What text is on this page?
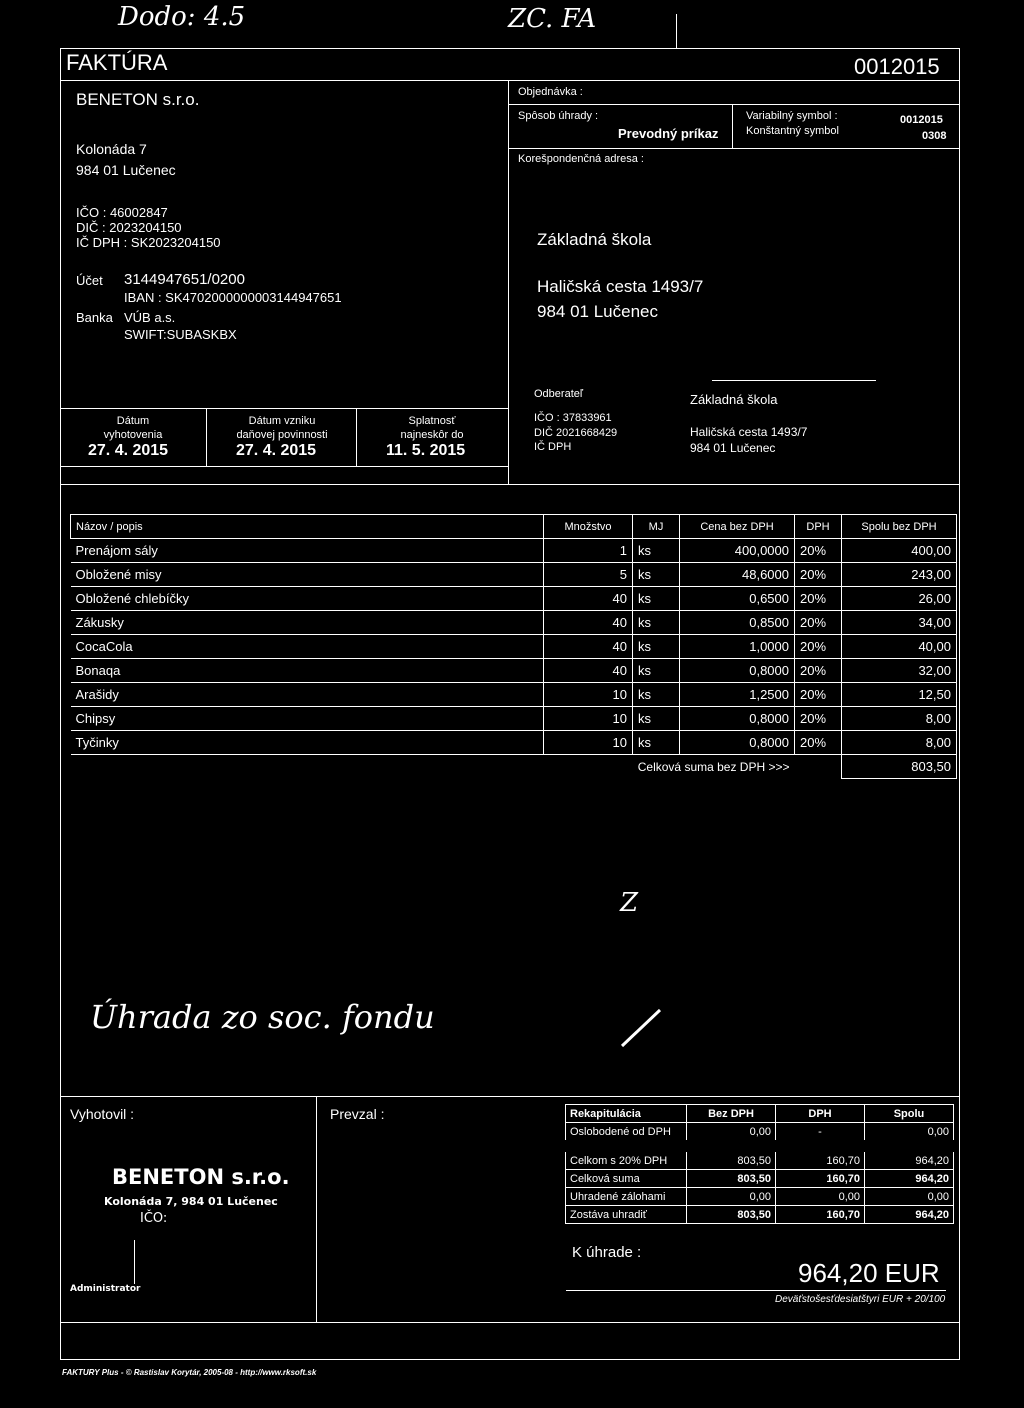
Dodo: 4.5	ZC. FA
FAKTÚRA	0012015
BENETON s.r.o.
Kolonáda 7
984 01 Lučenec
IČO : 46002847
DIČ : 2023204150
IČ DPH : SK2023204150
Účet 3144947651/0200
IBAN : SK4702000000003144947651
Banka VÚB a.s.
SWIFT:SUBASKBX
Objednávka :
Spôsob úhrady :
Prevodný príkaz
Variabilný symbol :	0012015
Konštantný symbol	0308
Korešpondenčná adresa :
Základná škola
Haličská cesta 1493/7
984 01 Lučenec
Odberateľ	Základná škola
IČO : 37833961
DIČ 2021668429
IČ DPH
Haličská cesta 1493/7
984 01 Lučenec
Dátum
vyhotovenia
27. 4. 2015
Dátum vzniku
daňovej povinnosti
27. 4. 2015
Splatnosť
najneskôr do
11. 5. 2015
Názov / popis	Množstvo	MJ	Cena bez DPH	DPH	Spolu bez DPH
Prenájom sály	1	ks	400,0000	20%	400,00
Obložené misy	5	ks	48,6000	20%	243,00
Obložené chlebíčky	40	ks	0,6500	20%	26,00
Zákusky	40	ks	0,8500	20%	34,00
CocaCola	40	ks	1,0000	20%	40,00
Bonaqa	40	ks	0,8000	20%	32,00
Arašidy	10	ks	1,2500	20%	12,50
Chipsy	10	ks	0,8000	20%	8,00
Tyčinky	10	ks	0,8000	20%	8,00
Celková suma bez DPH >>>					803,50
Z
Úhrada zo soc. fondu
Vyhotovil :	Prevzal :
BENETON s.r.o.
Kolonáda 7, 984 01 Lučenec
IČO:
Administrator
Rekapitulácia	Bez DPH	DPH	Spolu
Oslobodené od DPH	0,00	-	0,00
Celkom s 20% DPH	803,50	160,70	964,20
Celková suma	803,50	160,70	964,20
Uhradené zálohami	0,00	0,00	0,00
Zostáva uhradiť	803,50	160,70	964,20
K úhrade :
964,20 EUR
Deväťstošesťdesiatštyri EUR + 20/100
FAKTURY Plus - © Rastislav Korytár, 2005-08 - http://www.rksoft.sk
